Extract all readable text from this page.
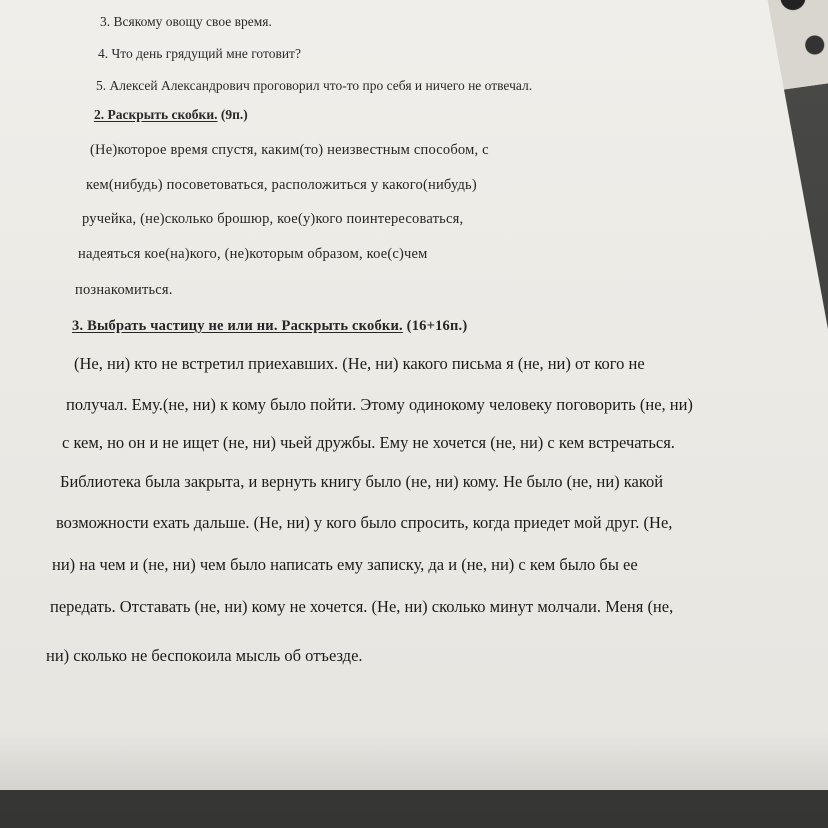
3. Всякому овощу свое время.
4. Что день грядущий мне готовит?
5. Алексей Александрович проговорил что-то про себя и ничего не отвечал.
2. Раскрыть скобки. (9п.)
(Не)которое время спустя, каким(то) неизвестным способом, с
кем(нибудь) посоветоваться, расположиться у какого(нибудь)
ручейка, (не)сколько брошюр, кое(у)кого поинтересоваться,
надеяться кое(на)кого, (не)которым образом, кое(с)чем
познакомиться.
3. Выбрать частицу не или ни. Раскрыть скобки. (16+16п.)
(Не, ни) кто не встретил приехавших. (Не, ни) какого письма я (не, ни) от кого не
получал. Ему.(не, ни) к кому было пойти. Этому одинокому человеку поговорить (не, ни)
с кем, но он и не ищет (не, ни) чьей дружбы. Ему не хочется (не, ни) с кем встречаться.
Библиотека была закрыта, и вернуть книгу было (не, ни) кому. Не было (не, ни) какой
возможности ехать дальше. (Не, ни) у кого было спросить, когда приедет мой друг. (Не,
ни) на чем и (не, ни) чем было написать ему записку, да и (не, ни) с кем было бы ее
передать. Отставать (не, ни) кому не хочется. (Не, ни) сколько минут молчали. Меня (не,
ни) сколько не беспокоила мысль об отъезде.
